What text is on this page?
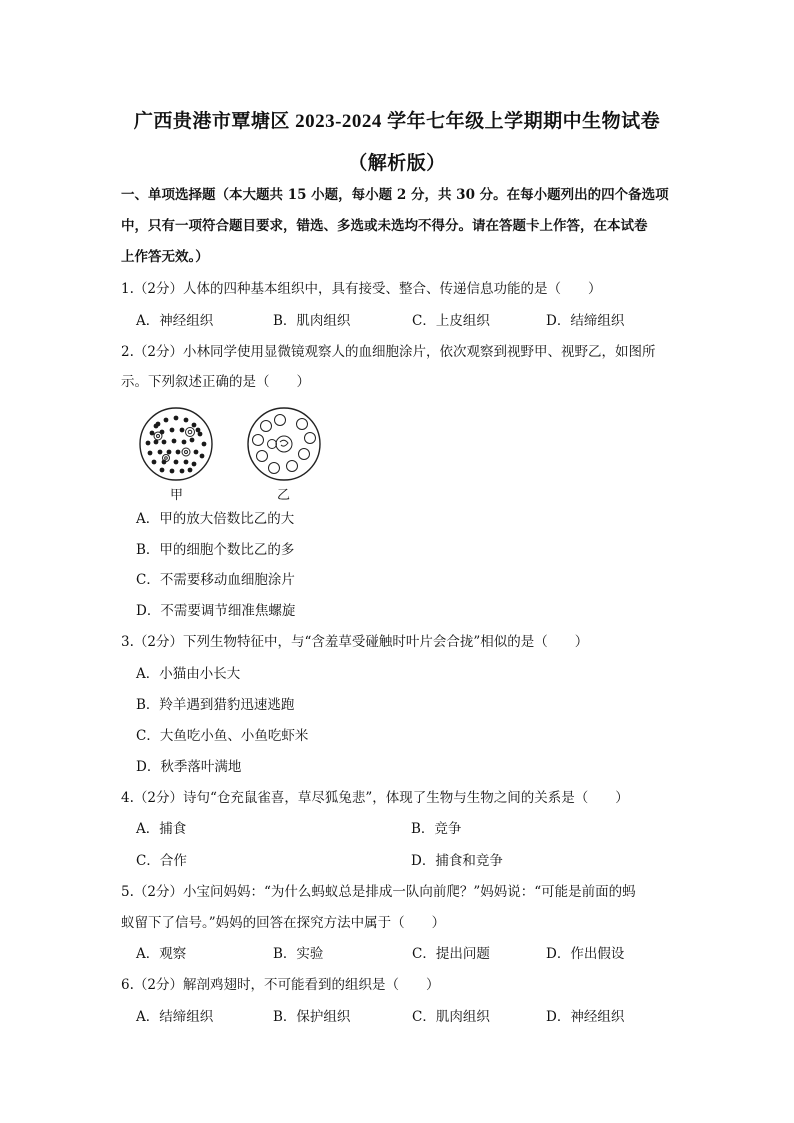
广西贵港市覃塘区 2023-2024 学年七年级上学期期中生物试卷
（解析版）
一、单项选择题（本大题共 15 小题，每小题 2 分，共 30 分。在每小题列出的四个备选项
中，只有一项符合题目要求，错选、多选或未选均不得分。请在答题卡上作答，在本试卷
上作答无效。）
1.（2分）人体的四种基本组织中，具有接受、整合、传递信息功能的是（　　）
A．神经组织	B．肌肉组织	C．上皮组织	D．结缔组织
2.（2分）小林同学使用显微镜观察人的血细胞涂片，依次观察到视野甲、视野乙，如图所
示。下列叙述正确的是（　　）
甲	乙
A．甲的放大倍数比乙的大
B．甲的细胞个数比乙的多
C．不需要移动血细胞涂片
D．不需要调节细准焦螺旋
3.（2分）下列生物特征中，与“含羞草受碰触时叶片会合拢”相似的是（　　）
A．小猫由小长大
B．羚羊遇到猎豹迅速逃跑
C．大鱼吃小鱼、小鱼吃虾米
D．秋季落叶满地
4.（2分）诗句“仓充鼠雀喜，草尽狐兔悲”，体现了生物与生物之间的关系是（　　）
A．捕食	B．竞争
C．合作	D．捕食和竞争
5.（2分）小宝问妈妈：“为什么蚂蚁总是排成一队向前爬？”妈妈说：“可能是前面的蚂
蚁留下了信号。”妈妈的回答在探究方法中属于（　　）
A．观察	B．实验	C．提出问题	D．作出假设
6.（2分）解剖鸡翅时，不可能看到的组织是（　　）
A．结缔组织	B．保护组织	C．肌肉组织	D．神经组织
